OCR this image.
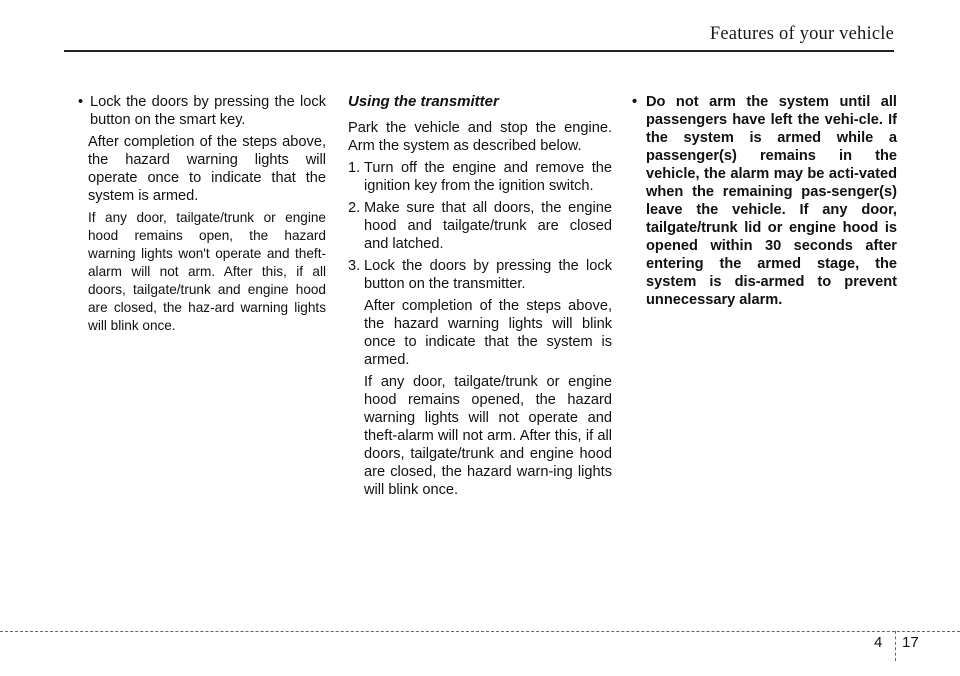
Features of your vehicle
• Lock the doors by pressing the lock button on the smart key.

After completion of the steps above, the hazard warning lights will operate once to indicate that the system is armed.

If any door, tailgate/trunk or engine hood remains open, the hazard warning lights won't operate and theft-alarm will not arm. After this, if all doors, tailgate/trunk and engine hood are closed, the haz-ard warning lights will blink once.

Using the transmitter

Park the vehicle and stop the engine. Arm the system as described below.

1. Turn off the engine and remove the ignition key from the ignition switch.
2. Make sure that all doors, the engine hood and tailgate/trunk are closed and latched.
3. Lock the doors by pressing the lock button on the transmitter.

After completion of the steps above, the hazard warning lights will blink once to indicate that the system is armed.

If any door, tailgate/trunk or engine hood remains opened, the hazard warning lights will not operate and theft-alarm will not arm. After this, if all doors, tailgate/trunk and engine hood are closed, the hazard warn-ing lights will blink once.

• Do not arm the system until all passengers have left the vehi-cle. If the system is armed while a passenger(s) remains in the vehicle, the alarm may be acti-vated when the remaining pas-senger(s) leave the vehicle. If any door, tailgate/trunk lid or engine hood is opened within 30 seconds after entering the armed stage, the system is dis-armed to prevent unnecessary alarm.
4 17
